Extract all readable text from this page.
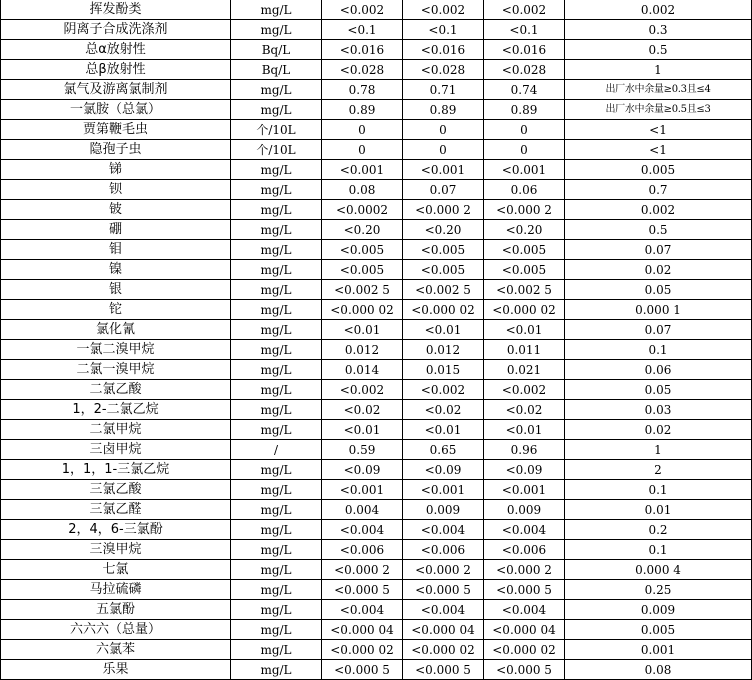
挥发酚类	mg/L	<0.002	<0.002	<0.002	0.002
阴离子合成洗涤剂	mg/L	<0.1	<0.1	<0.1	0.3
总α放射性	Bq/L	<0.016	<0.016	<0.016	0.5
总β放射性	Bq/L	<0.028	<0.028	<0.028	1
氯气及游离氯制剂	mg/L	0.78	0.71	0.74	出厂水中余量≥0.3且≤4
一氯胺（总氯）	mg/L	0.89	0.89	0.89	出厂水中余量≥0.5且≤3
贾第鞭毛虫	个/10L	0	0	0	<1
隐孢子虫	个/10L	0	0	0	<1
锑	mg/L	<0.001	<0.001	<0.001	0.005
钡	mg/L	0.08	0.07	0.06	0.7
铍	mg/L	<0.0002	<0.000 2	<0.000 2	0.002
硼	mg/L	<0.20	<0.20	<0.20	0.5
钼	mg/L	<0.005	<0.005	<0.005	0.07
镍	mg/L	<0.005	<0.005	<0.005	0.02
银	mg/L	<0.002 5	<0.002 5	<0.002 5	0.05
铊	mg/L	<0.000 02	<0.000 02	<0.000 02	0.000 1
氯化氰	mg/L	<0.01	<0.01	<0.01	0.07
一氯二溴甲烷	mg/L	0.012	0.012	0.011	0.1
二氯一溴甲烷	mg/L	0.014	0.015	0.021	0.06
二氯乙酸	mg/L	<0.002	<0.002	<0.002	0.05
1，2-二氯乙烷	mg/L	<0.02	<0.02	<0.02	0.03
二氯甲烷	mg/L	<0.01	<0.01	<0.01	0.02
三卤甲烷	/	0.59	0.65	0.96	1
1，1，1-三氯乙烷	mg/L	<0.09	<0.09	<0.09	2
三氯乙酸	mg/L	<0.001	<0.001	<0.001	0.1
三氯乙醛	mg/L	0.004	0.009	0.009	0.01
2，4，6-三氯酚	mg/L	<0.004	<0.004	<0.004	0.2
三溴甲烷	mg/L	<0.006	<0.006	<0.006	0.1
七氯	mg/L	<0.000 2	<0.000 2	<0.000 2	0.000 4
马拉硫磷	mg/L	<0.000 5	<0.000 5	<0.000 5	0.25
五氯酚	mg/L	<0.004	<0.004	<0.004	0.009
六六六（总量）	mg/L	<0.000 04	<0.000 04	<0.000 04	0.005
六氯苯	mg/L	<0.000 02	<0.000 02	<0.000 02	0.001
乐果	mg/L	<0.000 5	<0.000 5	<0.000 5	0.08
